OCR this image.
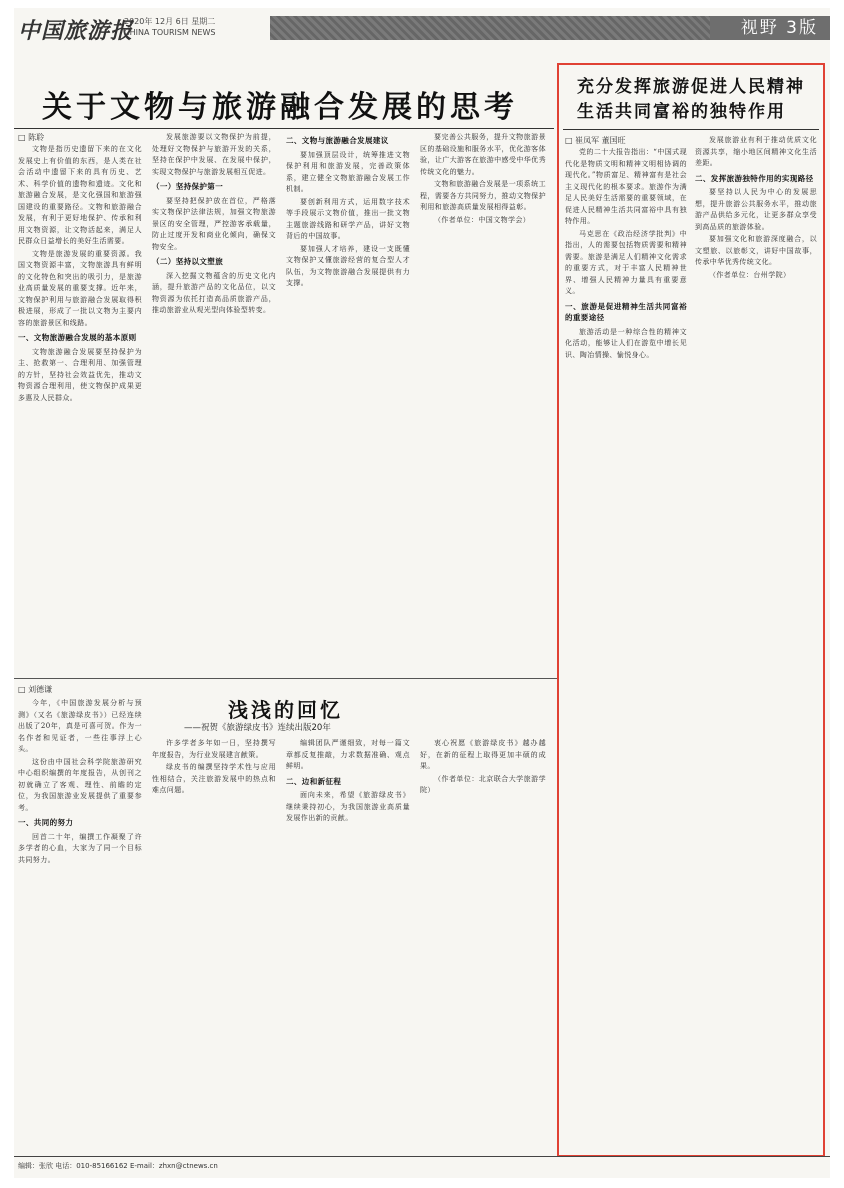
中国旅游报
2020年 12月 6日 星期二
CHINA TOURISM NEWS	视野 3版
关于文物与旅游融合发展的思考
□ 陈聆

文物是指历史遗留下来的在文化发展史上有价值的东西，是人类在社会活动中遗留下来的具有历史、艺术、科学价值的遗物和遗迹。文化和旅游融合发展，是文化强国和旅游强国建设的重要路径。文物和旅游融合发展，有利于更好地保护、传承和利用文物资源，让文物活起来，满足人民群众日益增长的美好生活需要。

文物是旅游发展的重要资源。我国文物资源丰富，文物旅游具有鲜明的文化特色和突出的吸引力，是旅游业高质量发展的重要支撑。近年来，文物保护利用与旅游融合发展取得积极进展，形成了一批以文物为主要内容的旅游景区和线路。

一、文物旅游融合发展的基本原则

文物旅游融合发展要坚持保护为主、抢救第一、合理利用、加强管理的方针，坚持社会效益优先，推动文物资源合理利用，使文物保护成果更多惠及人民群众。

发展旅游要以文物保护为前提，处理好文物保护与旅游开发的关系，坚持在保护中发展、在发展中保护，实现文物保护与旅游发展相互促进。

（一）坚持保护第一

要坚持把保护放在首位，严格落实文物保护法律法规，加强文物旅游景区的安全管理，严控游客承载量，防止过度开发和商业化倾向，确保文物安全。

（二）坚持以文塑旅

深入挖掘文物蕴含的历史文化内涵，提升旅游产品的文化品位，以文物资源为依托打造高品质旅游产品，推动旅游业从观光型向体验型转变。

二、文物与旅游融合发展建议

要加强顶层设计，统筹推进文物保护利用和旅游发展，完善政策体系，建立健全文物旅游融合发展工作机制。

要创新利用方式，运用数字技术等手段展示文物价值，推出一批文物主题旅游线路和研学产品，讲好文物背后的中国故事。

要加强人才培养，建设一支既懂文物保护又懂旅游经营的复合型人才队伍，为文物旅游融合发展提供有力支撑。

要完善公共服务，提升文物旅游景区的基础设施和服务水平，优化游客体验，让广大游客在旅游中感受中华优秀传统文化的魅力。

文物和旅游融合发展是一项系统工程，需要各方共同努力，推动文物保护利用和旅游高质量发展相得益彰。

（作者单位：中国文物学会）

□ 刘德谦
浅浅的回忆
——祝贺《旅游绿皮书》连续出版20年

今年，《中国旅游发展分析与预测》（又名《旅游绿皮书》）已经连续出版了20年，真是可喜可贺。作为一名作者和见证者，一些往事浮上心头。

这份由中国社会科学院旅游研究中心组织编撰的年度报告，从创刊之初就确立了客观、理性、前瞻的定位，为我国旅游业发展提供了重要参考。

一、共同的努力

回首二十年，编撰工作凝聚了许多学者的心血，大家为了同一个目标共同努力。

许多学者多年如一日，坚持撰写年度报告，为行业发展建言献策。

绿皮书的编撰坚持学术性与应用性相结合，关注旅游发展中的热点和难点问题。

编辑团队严谨细致，对每一篇文章都反复推敲，力求数据准确、观点鲜明。

二、边和新征程

面向未来，希望《旅游绿皮书》继续秉持初心，为我国旅游业高质量发展作出新的贡献。

衷心祝愿《旅游绿皮书》越办越好，在新的征程上取得更加丰硕的成果。

（作者单位：北京联合大学旅游学院）

充分发挥旅游促进人民精神生活共同富裕的独特作用
□ 崔凤军 董国旺

党的二十大报告指出：“中国式现代化是物质文明和精神文明相协调的现代化。”物质富足、精神富有是社会主义现代化的根本要求。旅游作为满足人民美好生活需要的重要领域，在促进人民精神生活共同富裕中具有独特作用。

马克思在《政治经济学批判》中指出，人的需要包括物质需要和精神需要。旅游是满足人们精神文化需求的重要方式，对于丰富人民精神世界、增强人民精神力量具有重要意义。

一、旅游是促进精神生活共同富裕的重要途径

旅游活动是一种综合性的精神文化活动，能够让人们在游览中增长见识、陶冶情操、愉悦身心。

发展旅游业有利于推动优质文化资源共享，缩小地区间精神文化生活差距。

二、发挥旅游独特作用的实现路径

要坚持以人民为中心的发展思想，提升旅游公共服务水平，推动旅游产品供给多元化，让更多群众享受到高品质的旅游体验。

要加强文化和旅游深度融合，以文塑旅、以旅彰文，讲好中国故事，传承中华优秀传统文化。

（作者单位：台州学院）

编辑：张欣 电话：010-85166162 E-mail：zhxn@ctnews.cn
